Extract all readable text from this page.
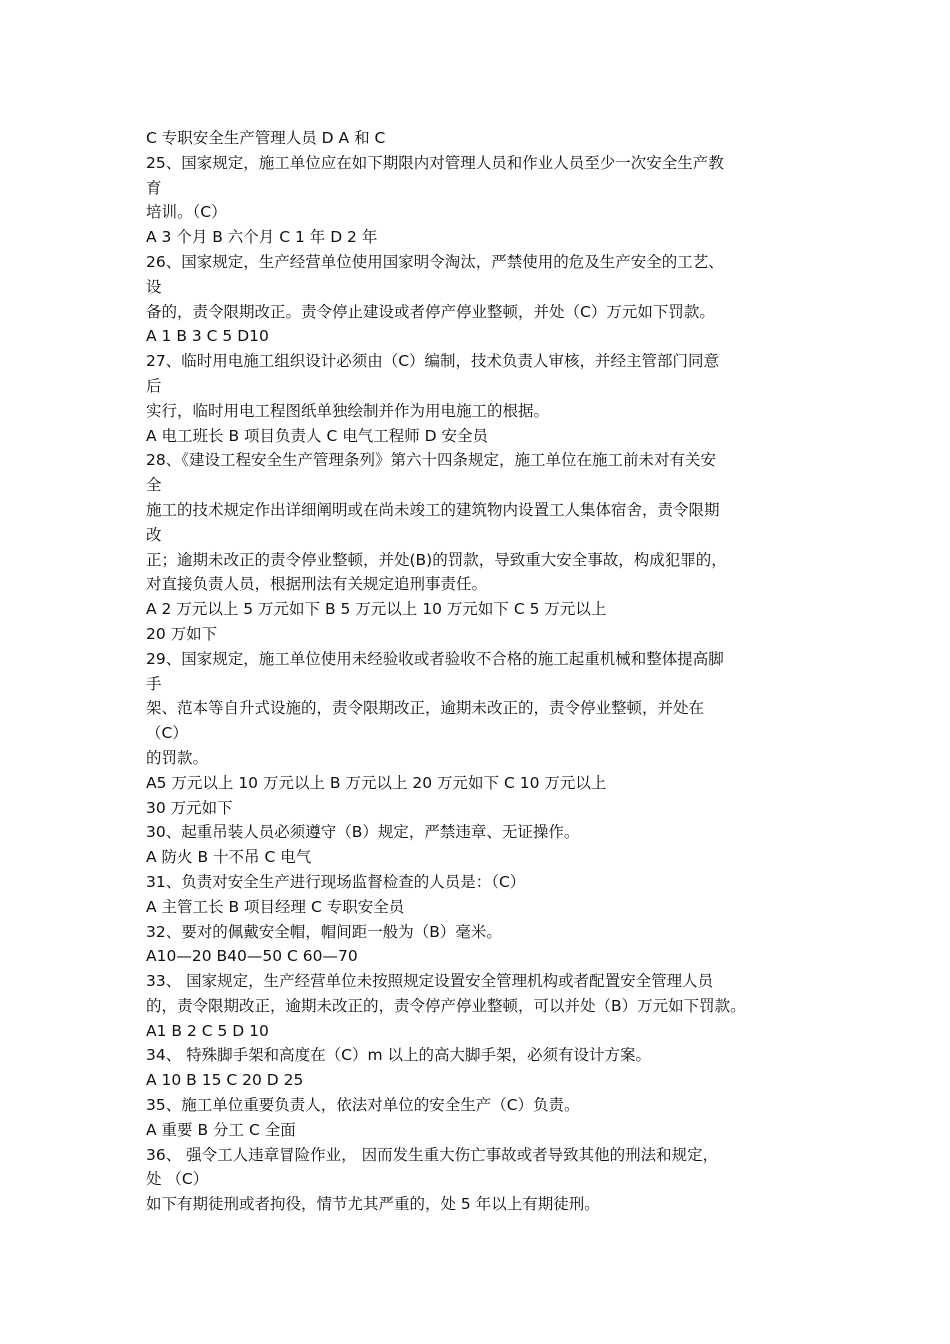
C 专职安全生产管理人员 D A 和 C
25、国家规定，施工单位应在如下期限内对管理人员和作业人员至少一次安全生产教
育
培训。（C）
A 3 个月 B 六个月 C 1 年 D 2 年
26、国家规定，生产经营单位使用国家明令淘汰，严禁使用的危及生产安全的工艺、
设
备的，责令限期改正。责令停止建设或者停产停业整顿，并处（C）万元如下罚款。
A 1 B 3 C 5 D10
27、临时用电施工组织设计必须由（C）编制，技术负责人审核，并经主管部门同意
后
实行，临时用电工程图纸单独绘制并作为用电施工的根据。
A 电工班长 B 项目负责人 C 电气工程师 D 安全员
28、《建设工程安全生产管理条列》第六十四条规定，施工单位在施工前未对有关安
全
施工的技术规定作出详细阐明或在尚未竣工的建筑物内设置工人集体宿舍，责令限期
改
正；逾期未改正的责令停业整顿，并处(B)的罚款，导致重大安全事故，构成犯罪的，
对直接负责人员，根据刑法有关规定追刑事责任。
A 2 万元以上 5 万元如下 B 5 万元以上 10 万元如下 C 5 万元以上
20 万如下
29、国家规定，施工单位使用未经验收或者验收不合格的施工起重机械和整体提高脚
手
架、范本等自升式设施的，责令限期改正，逾期未改正的，责令停业整顿，并处在
（C）
的罚款。
A5 万元以上 10 万元以上 B 万元以上 20 万元如下 C 10 万元以上
30 万元如下
30、起重吊装人员必须遵守（B）规定，严禁违章、无证操作。
A 防火 B 十不吊 C 电气
31、负责对安全生产进行现场监督检查的人员是：（C）
A 主管工长 B 项目经理 C 专职安全员
32、要对的佩戴安全帽，帽间距一般为（B）毫米。
A10—20 B40—50 C 60—70
33、 国家规定，生产经营单位未按照规定设置安全管理机构或者配置安全管理人员
的，责令限期改正，逾期未改正的，责令停产停业整顿，可以并处（B）万元如下罚款。
A1 B 2 C 5 D 10
34、 特殊脚手架和高度在（C）m 以上的高大脚手架，必须有设计方案。
A 10 B 15 C 20 D 25
35、施工单位重要负责人，依法对单位的安全生产（C）负责。
A 重要 B 分工 C 全面
36、 强令工人违章冒险作业， 因而发生重大伤亡事故或者导致其他的刑法和规定，
处 （C）
如下有期徒刑或者拘役，情节尤其严重的，处 5 年以上有期徒刑。
